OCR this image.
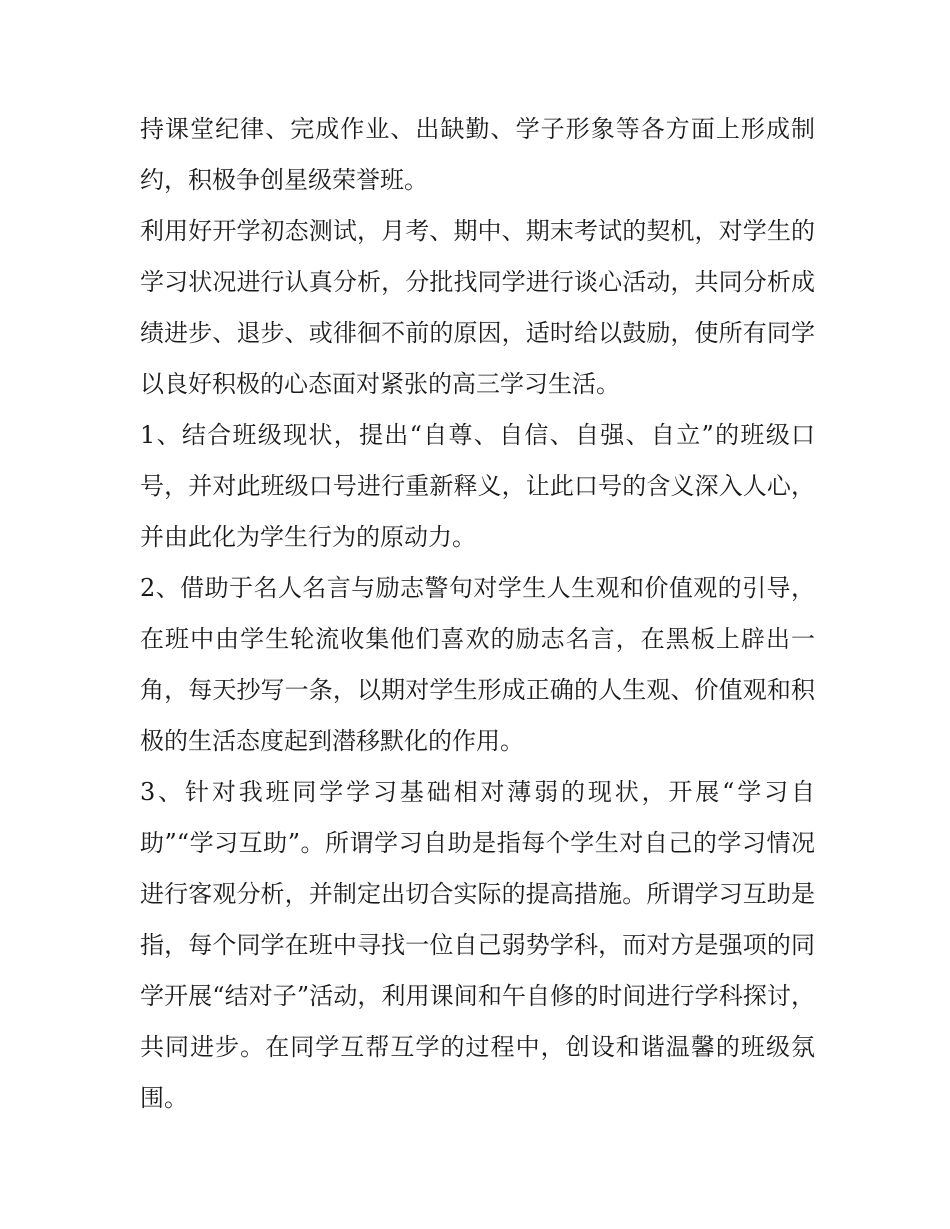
持课堂纪律、完成作业、出缺勤、学子形象等各方面上形成制约，积极争创星级荣誉班。

利用好开学初态测试，月考、期中、期末考试的契机，对学生的学习状况进行认真分析，分批找同学进行谈心活动，共同分析成绩进步、退步、或徘徊不前的原因，适时给以鼓励，使所有同学以良好积极的心态面对紧张的高三学习生活。

1、结合班级现状，提出“自尊、自信、自强、自立”的班级口号，并对此班级口号进行重新释义，让此口号的含义深入人心，并由此化为学生行为的原动力。

2、借助于名人名言与励志警句对学生人生观和价值观的引导，在班中由学生轮流收集他们喜欢的励志名言，在黑板上辟出一角，每天抄写一条，以期对学生形成正确的人生观、价值观和积极的生活态度起到潜移默化的作用。

3、针对我班同学学习基础相对薄弱的现状，开展“学习自助”“学习互助”。所谓学习自助是指每个学生对自己的学习情况进行客观分析，并制定出切合实际的提高措施。所谓学习互助是指，每个同学在班中寻找一位自己弱势学科，而对方是强项的同学开展“结对子”活动，利用课间和午自修的时间进行学科探讨，共同进步。在同学互帮互学的过程中，创设和谐温馨的班级氛围。
